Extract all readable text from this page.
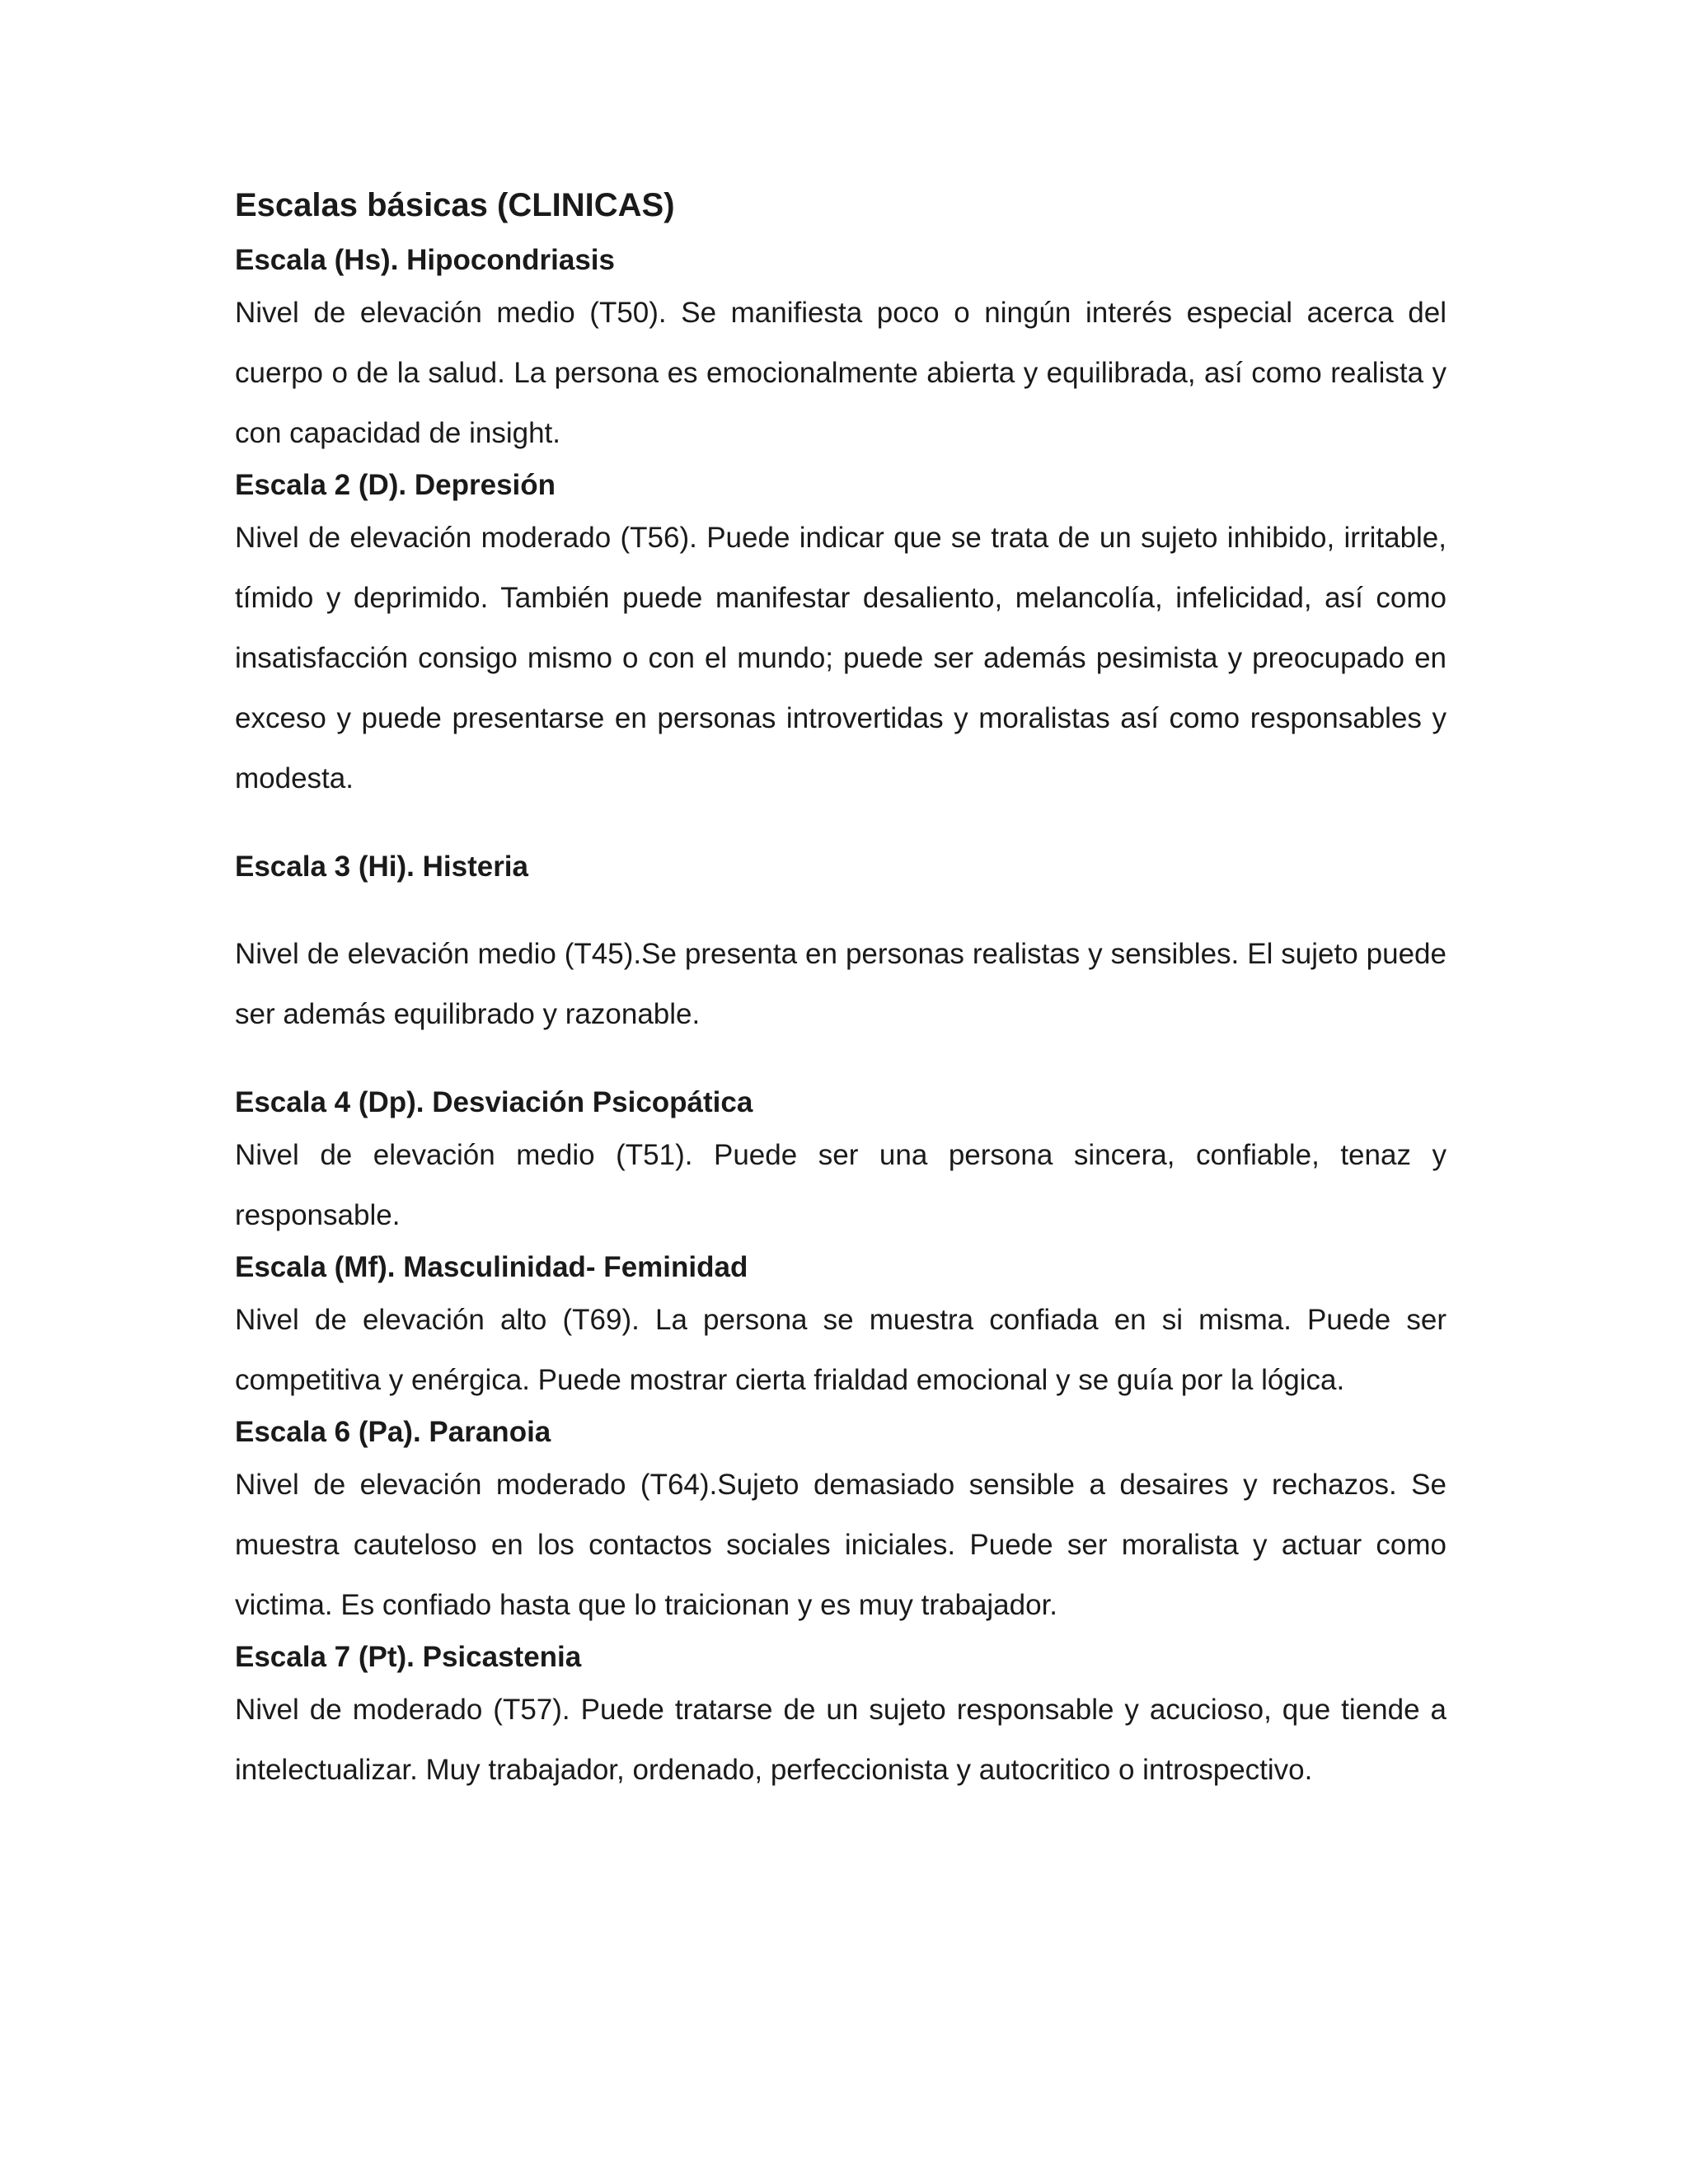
Escalas básicas (CLINICAS)
Escala (Hs). Hipocondriasis

Nivel de elevación medio (T50). Se manifiesta poco o ningún interés especial acerca del cuerpo o de la salud. La persona es emocionalmente abierta y equilibrada, así como realista y con capacidad de insight.

Escala 2 (D). Depresión

Nivel de elevación moderado (T56). Puede indicar que se trata de un sujeto inhibido, irritable, tímido y deprimido. También puede manifestar desaliento, melancolía, infelicidad, así como insatisfacción consigo mismo o con el mundo; puede ser además pesimista y preocupado en exceso y puede presentarse en personas introvertidas y moralistas así como responsables y modesta.

Escala 3 (Hi). Histeria

Nivel de elevación medio (T45).Se presenta en personas realistas y sensibles. El sujeto puede ser además equilibrado y razonable.

Escala 4 (Dp). Desviación Psicopática

Nivel de elevación medio (T51). Puede ser una persona sincera, confiable, tenaz y responsable.

Escala (Mf). Masculinidad- Feminidad

Nivel de elevación alto (T69). La persona se muestra confiada en si misma. Puede ser competitiva y enérgica. Puede mostrar cierta frialdad emocional y se guía por la lógica.

Escala 6 (Pa). Paranoia

Nivel de elevación moderado (T64).Sujeto demasiado sensible a desaires y rechazos. Se muestra cauteloso en los contactos sociales iniciales. Puede ser moralista y actuar como victima. Es confiado hasta que lo traicionan y es muy trabajador.

Escala 7 (Pt). Psicastenia

Nivel de moderado (T57). Puede tratarse de un sujeto responsable y acucioso, que tiende a intelectualizar. Muy trabajador, ordenado, perfeccionista y autocritico o introspectivo.
